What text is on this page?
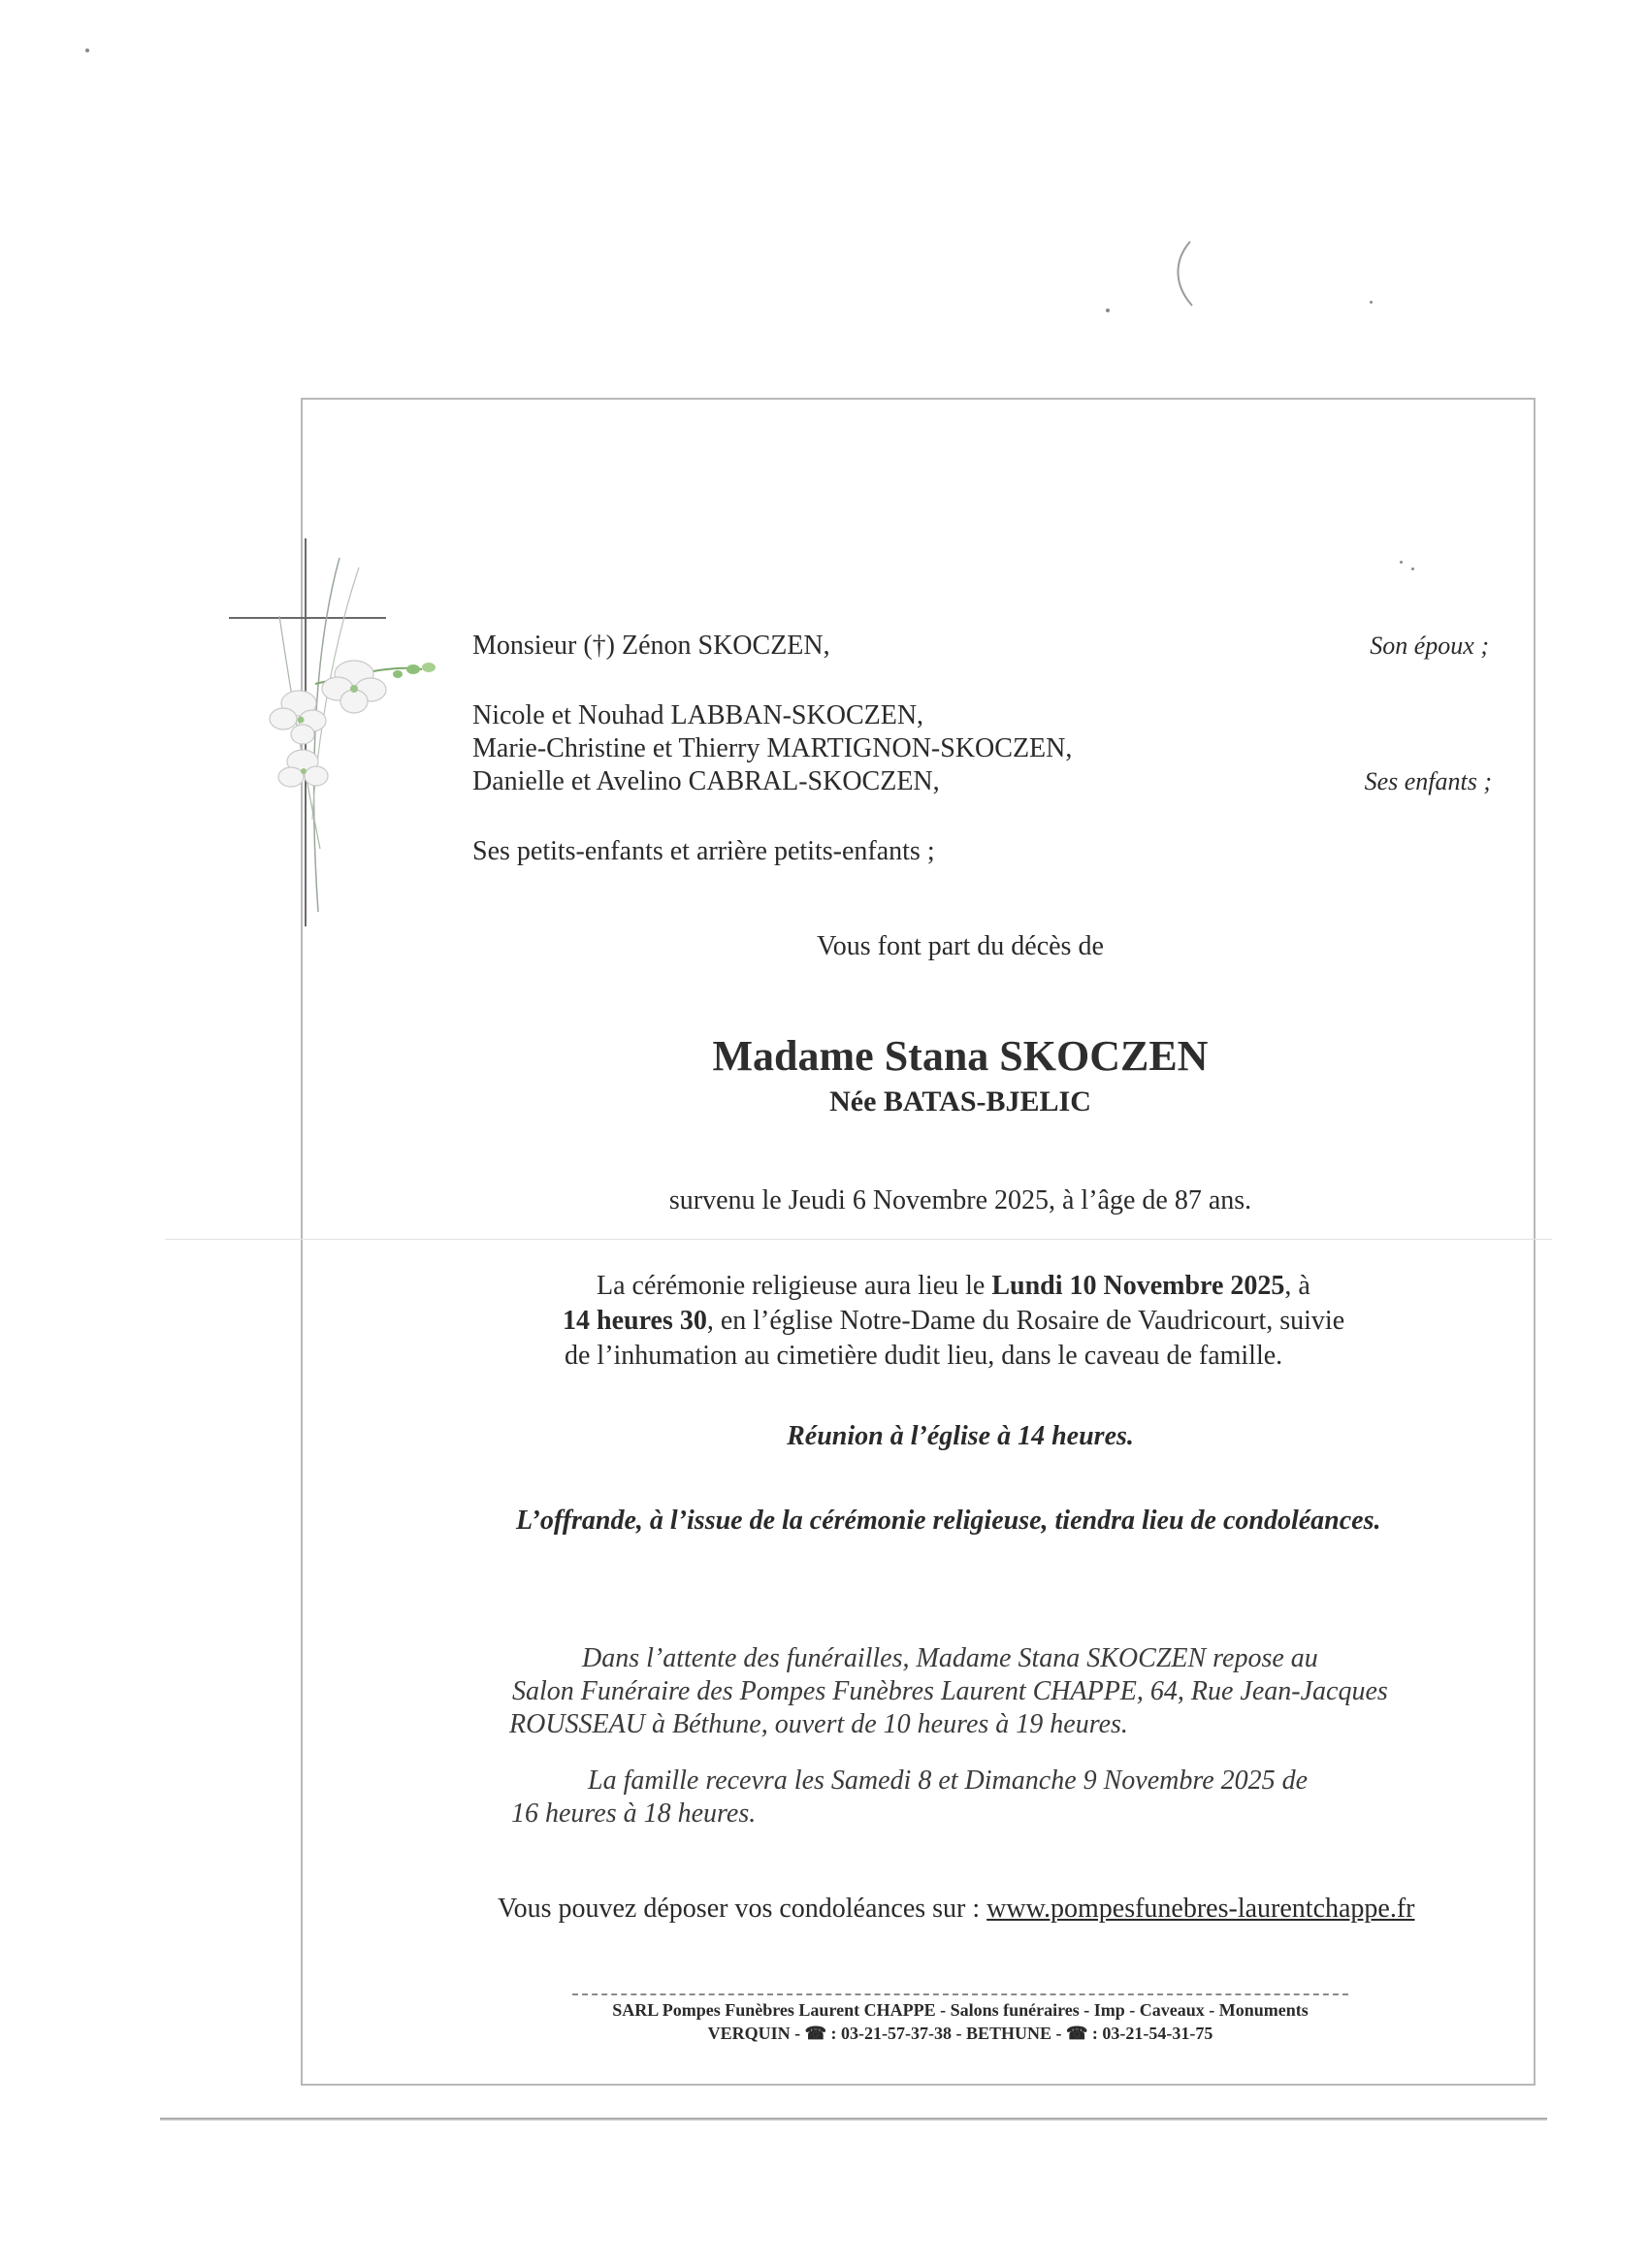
Monsieur (†) Zénon SKOCZEN,	Son époux ;
Nicole et Nouhad LABBAN-SKOCZEN,
Marie-Christine et Thierry MARTIGNON-SKOCZEN,
Danielle et Avelino CABRAL-SKOCZEN,	Ses enfants ;
Ses petits-enfants et arrière petits-enfants ;
Vous font part du décès de
Madame Stana SKOCZEN
Née BATAS-BJELIC
survenu le Jeudi 6 Novembre 2025, à l’âge de 87 ans.
La cérémonie religieuse aura lieu le Lundi 10 Novembre 2025, à
14 heures 30, en l’église Notre-Dame du Rosaire de Vaudricourt, suivie
de l’inhumation au cimetière dudit lieu, dans le caveau de famille.
Réunion à l’église à 14 heures.
L’offrande, à l’issue de la cérémonie religieuse, tiendra lieu de condoléances.
Dans l’attente des funérailles, Madame Stana SKOCZEN repose au
Salon Funéraire des Pompes Funèbres Laurent CHAPPE, 64, Rue Jean-Jacques
ROUSSEAU à Béthune, ouvert de 10 heures à 19 heures.
La famille recevra les Samedi 8 et Dimanche 9 Novembre 2025 de
16 heures à 18 heures.
Vous pouvez déposer vos condoléances sur : www.pompesfunebres-laurentchappe.fr
SARL Pompes Funèbres Laurent CHAPPE - Salons funéraires - Imp - Caveaux - Monuments
VERQUIN - ☎ : 03-21-57-37-38 - BETHUNE - ☎ : 03-21-54-31-75
